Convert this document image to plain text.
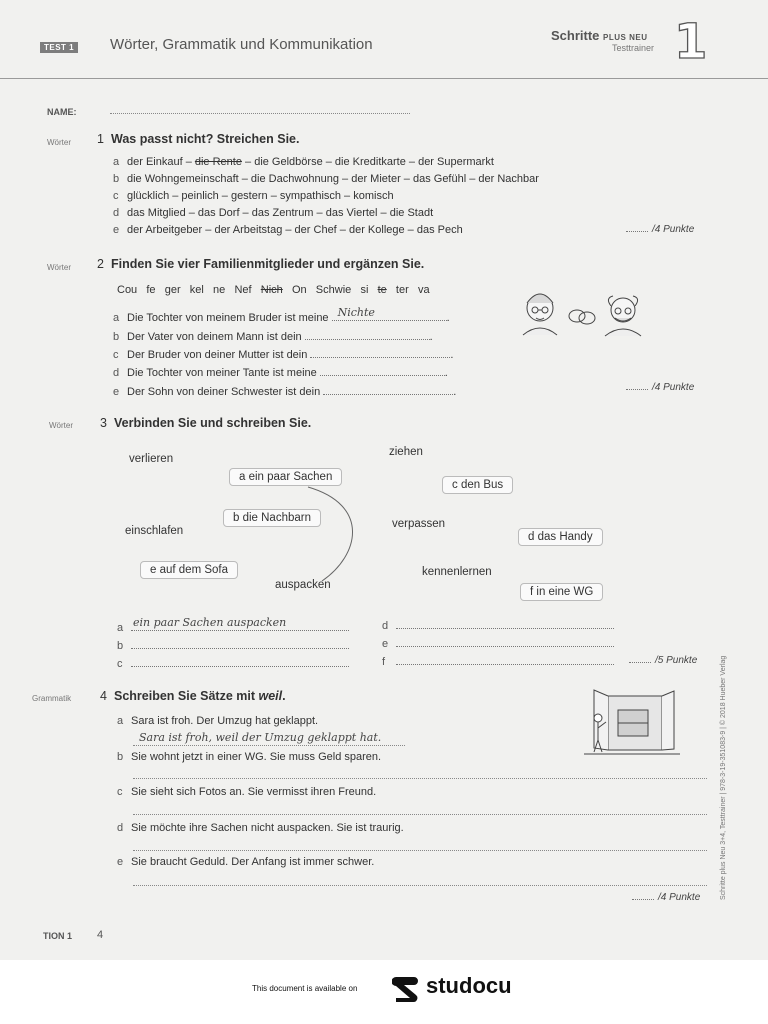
TEST 1 Wörter, Grammatik und Kommunikation
Schritte PLUS NEU
Testtrainer 1
NAME:
Wörter 1 Was passt nicht? Streichen Sie.
a der Einkauf – die Rente – die Geldbörse – die Kreditkarte – der Supermarkt
b die Wohngemeinschaft – die Dachwohnung – der Mieter – das Gefühl – der Nachbar
c glücklich – peinlich – gestern – sympathisch – komisch
d das Mitglied – das Dorf – das Zentrum – das Viertel – die Stadt
e der Arbeitgeber – der Arbeitstag – der Chef – der Kollege – das Pech	/4 Punkte
Wörter 2 Finden Sie vier Familienmitglieder und ergänzen Sie.
Cou fe ger kel ne Nef Nich On Schwie si te ter va
a Die Tochter von meinem Bruder ist meine Nichte	.
b Der Vater von deinem Mann ist dein	.
c Der Bruder von deiner Mutter ist dein	.
d Die Tochter von meiner Tante ist meine	.
e Der Sohn von deiner Schwester ist dein	.	/4 Punkte
Wörter 3 Verbinden Sie und schreiben Sie.
verlieren
ziehen
einschlafen
verpassen
auspacken
kennenlernen
a ein paar Sachen
c den Bus
b die Nachbarn
d das Handy
e auf dem Sofa
f in eine WG
a ein paar Sachen auspacken
b
c
d
e
f	/5 Punkte
Grammatik 4 Schreiben Sie Sätze mit weil.
a Sara ist froh. Der Umzug hat geklappt.
Sara ist froh, weil der Umzug geklappt hat.
b Sie wohnt jetzt in einer WG. Sie muss Geld sparen.
c Sie sieht sich Fotos an. Sie vermisst ihren Freund.
d Sie möchte ihre Sachen nicht auspacken. Sie ist traurig.
e Sie braucht Geduld. Der Anfang ist immer schwer.
/4 Punkte	Schritte plus Neu 3+4, Testtrainer | 978-3-19-351083-9 | © 2018 Hueber Verlag
TION 1 4
This document is available on	studocu
